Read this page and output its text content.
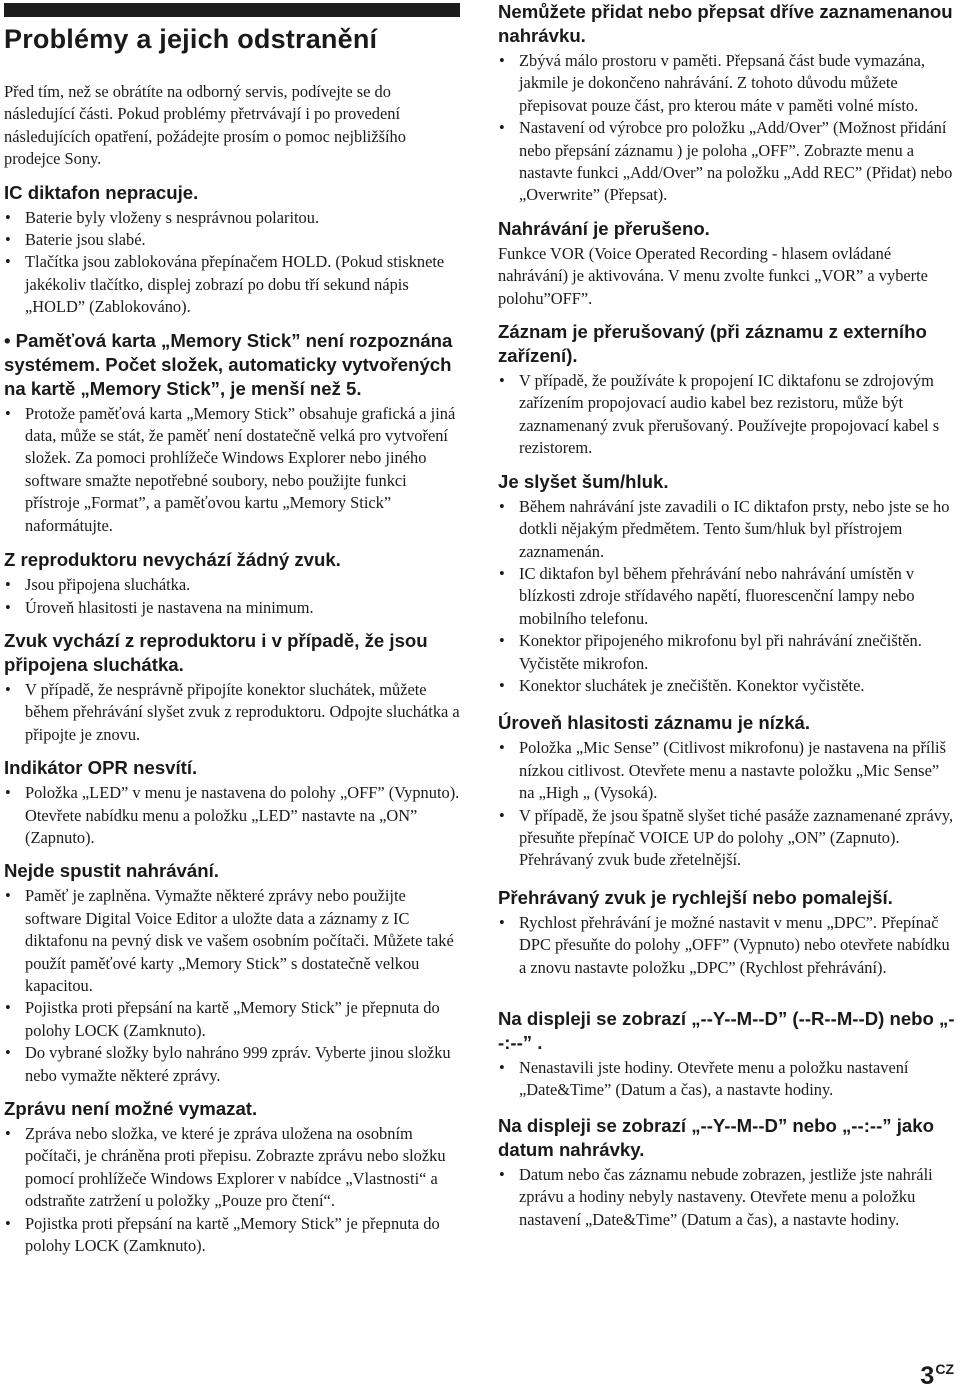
Problémy a jejich odstranění

Před tím, než se obrátíte na odborný servis, podívejte se do následující části. Pokud problémy přetrvávají i po provedení následujících opatření, požádejte prosím o pomoc nejbližšího prodejce Sony.

IC diktafon nepracuje.
• Baterie byly vloženy s nesprávnou polaritou.
• Baterie jsou slabé.
• Tlačítka jsou zablokována přepínačem HOLD. (Pokud stisknete jakékoliv tlačítko, displej zobrazí po dobu tří sekund nápis „HOLD” (Zablokováno).
• Paměťová karta „Memory Stick” není rozpoznána systémem. Počet složek, automaticky vytvořených na kartě „Memory Stick”, je menší než 5.
• Protože paměťová karta „Memory Stick” obsahuje grafická a jiná data, může se stát, že paměť není dostatečně velká pro vytvoření složek. Za pomoci prohlížeče Windows Explorer nebo jiného software smažte nepotřebné soubory, nebo použijte funkci přístroje „Format”, a paměťovou kartu „Memory Stick” naformátujte.
Z reproduktoru nevychází žádný zvuk.
• Jsou připojena sluchátka.
• Úroveň hlasitosti je nastavena na minimum.
Zvuk vychází z reproduktoru i v případě, že jsou připojena sluchátka.
• V případě, že nesprávně připojíte konektor sluchátek, můžete během přehrávání slyšet zvuk z reproduktoru. Odpojte sluchátka a připojte je znovu.
Indikátor OPR nesvítí.
• Položka „LED” v menu je nastavena do polohy „OFF” (Vypnuto). Otevřete nabídku menu a položku „LED” nastavte na „ON” (Zapnuto).
Nejde spustit nahrávání.
• Paměť je zaplněna. Vymažte některé zprávy nebo použijte software Digital Voice Editor a uložte data a záznamy z IC diktafonu na pevný disk ve vašem osobním počítači. Můžete také použít paměťové karty „Memory Stick” s dostatečně velkou kapacitou.
• Pojistka proti přepsání na kartě „Memory Stick” je přepnuta do polohy LOCK (Zamknuto).
• Do vybrané složky bylo nahráno 999 zpráv. Vyberte jinou složku nebo vymažte některé zprávy.
Zprávu není možné vymazat.
• Zpráva nebo složka, ve které je zpráva uložena na osobním počítači, je chráněna proti přepisu. Zobrazte zprávu nebo složku pomocí prohlížeče Windows Explorer v nabídce „Vlastnosti“ a odstraňte zatržení u položky „Pouze pro čtení“.
• Pojistka proti přepsání na kartě „Memory Stick” je přepnuta do polohy LOCK (Zamknuto).
Nemůžete přidat nebo přepsat dříve zaznamenanou nahrávku.
• Zbývá málo prostoru v paměti. Přepsaná část bude vymazána, jakmile je dokončeno nahrávání. Z tohoto důvodu můžete přepisovat pouze část, pro kterou máte v paměti volné místo.
• Nastavení od výrobce pro položku „Add/Over” (Možnost přidání nebo přepsání záznamu ) je poloha „OFF”. Zobrazte menu a nastavte funkci „Add/Over” na položku „Add REC” (Přidat) nebo „Overwrite” (Přepsat).
Nahrávání je přerušeno.

Funkce VOR (Voice Operated Recording - hlasem ovládané nahrávání) je aktivována. V menu zvolte funkci „VOR” a vyberte polohu”OFF”.

Záznam je přerušovaný (při záznamu z externího zařízení).
• V případě, že používáte k propojení IC diktafonu se zdrojovým zařízením propojovací audio kabel bez rezistoru, může být zaznamenaný zvuk přerušovaný. Používejte propojovací kabel s rezistorem.
Je slyšet šum/hluk.
• Během nahrávání jste zavadili o IC diktafon prsty, nebo jste se ho dotkli nějakým předmětem. Tento šum/hluk byl přístrojem zaznamenán.
• IC diktafon byl během přehrávání nebo nahrávání umístěn v blízkosti zdroje střídavého napětí, fluorescenční lampy nebo mobilního telefonu.
• Konektor připojeného mikrofonu byl při nahrávání znečištěn. Vyčistěte mikrofon.
• Konektor sluchátek je znečištěn. Konektor vyčistěte.
Úroveň hlasitosti záznamu je nízká.
• Položka „Mic Sense” (Citlivost mikrofonu) je nastavena na příliš nízkou citlivost. Otevřete menu a nastavte položku „Mic Sense” na „High „ (Vysoká).
• V případě, že jsou špatně slyšet tiché pasáže zaznamenané zprávy, přesuňte přepínač VOICE UP do polohy „ON” (Zapnuto). Přehrávaný zvuk bude zřetelnější.
Přehrávaný zvuk je rychlejší nebo pomalejší.
• Rychlost přehrávání je možné nastavit v menu „DPC”. Přepínač DPC přesuňte do polohy „OFF” (Vypnuto) nebo otevřete nabídku a znovu nastavte položku „DPC” (Rychlost přehrávání).
Na displeji se zobrazí „--Y--M--D” (--R--M--D) nebo „--:--” .
• Nenastavili jste hodiny. Otevřete menu a položku nastavení „Date&Time” (Datum a čas), a nastavte hodiny.
Na displeji se zobrazí „--Y--M--D” nebo „--:--” jako datum nahrávky.
• Datum nebo čas záznamu nebude zobrazen, jestliže jste nahráli zprávu a hodiny nebyly nastaveny. Otevřete menu a položku nastavení „Date&Time” (Datum a čas), a nastavte hodiny.
$3^{CZ}$
